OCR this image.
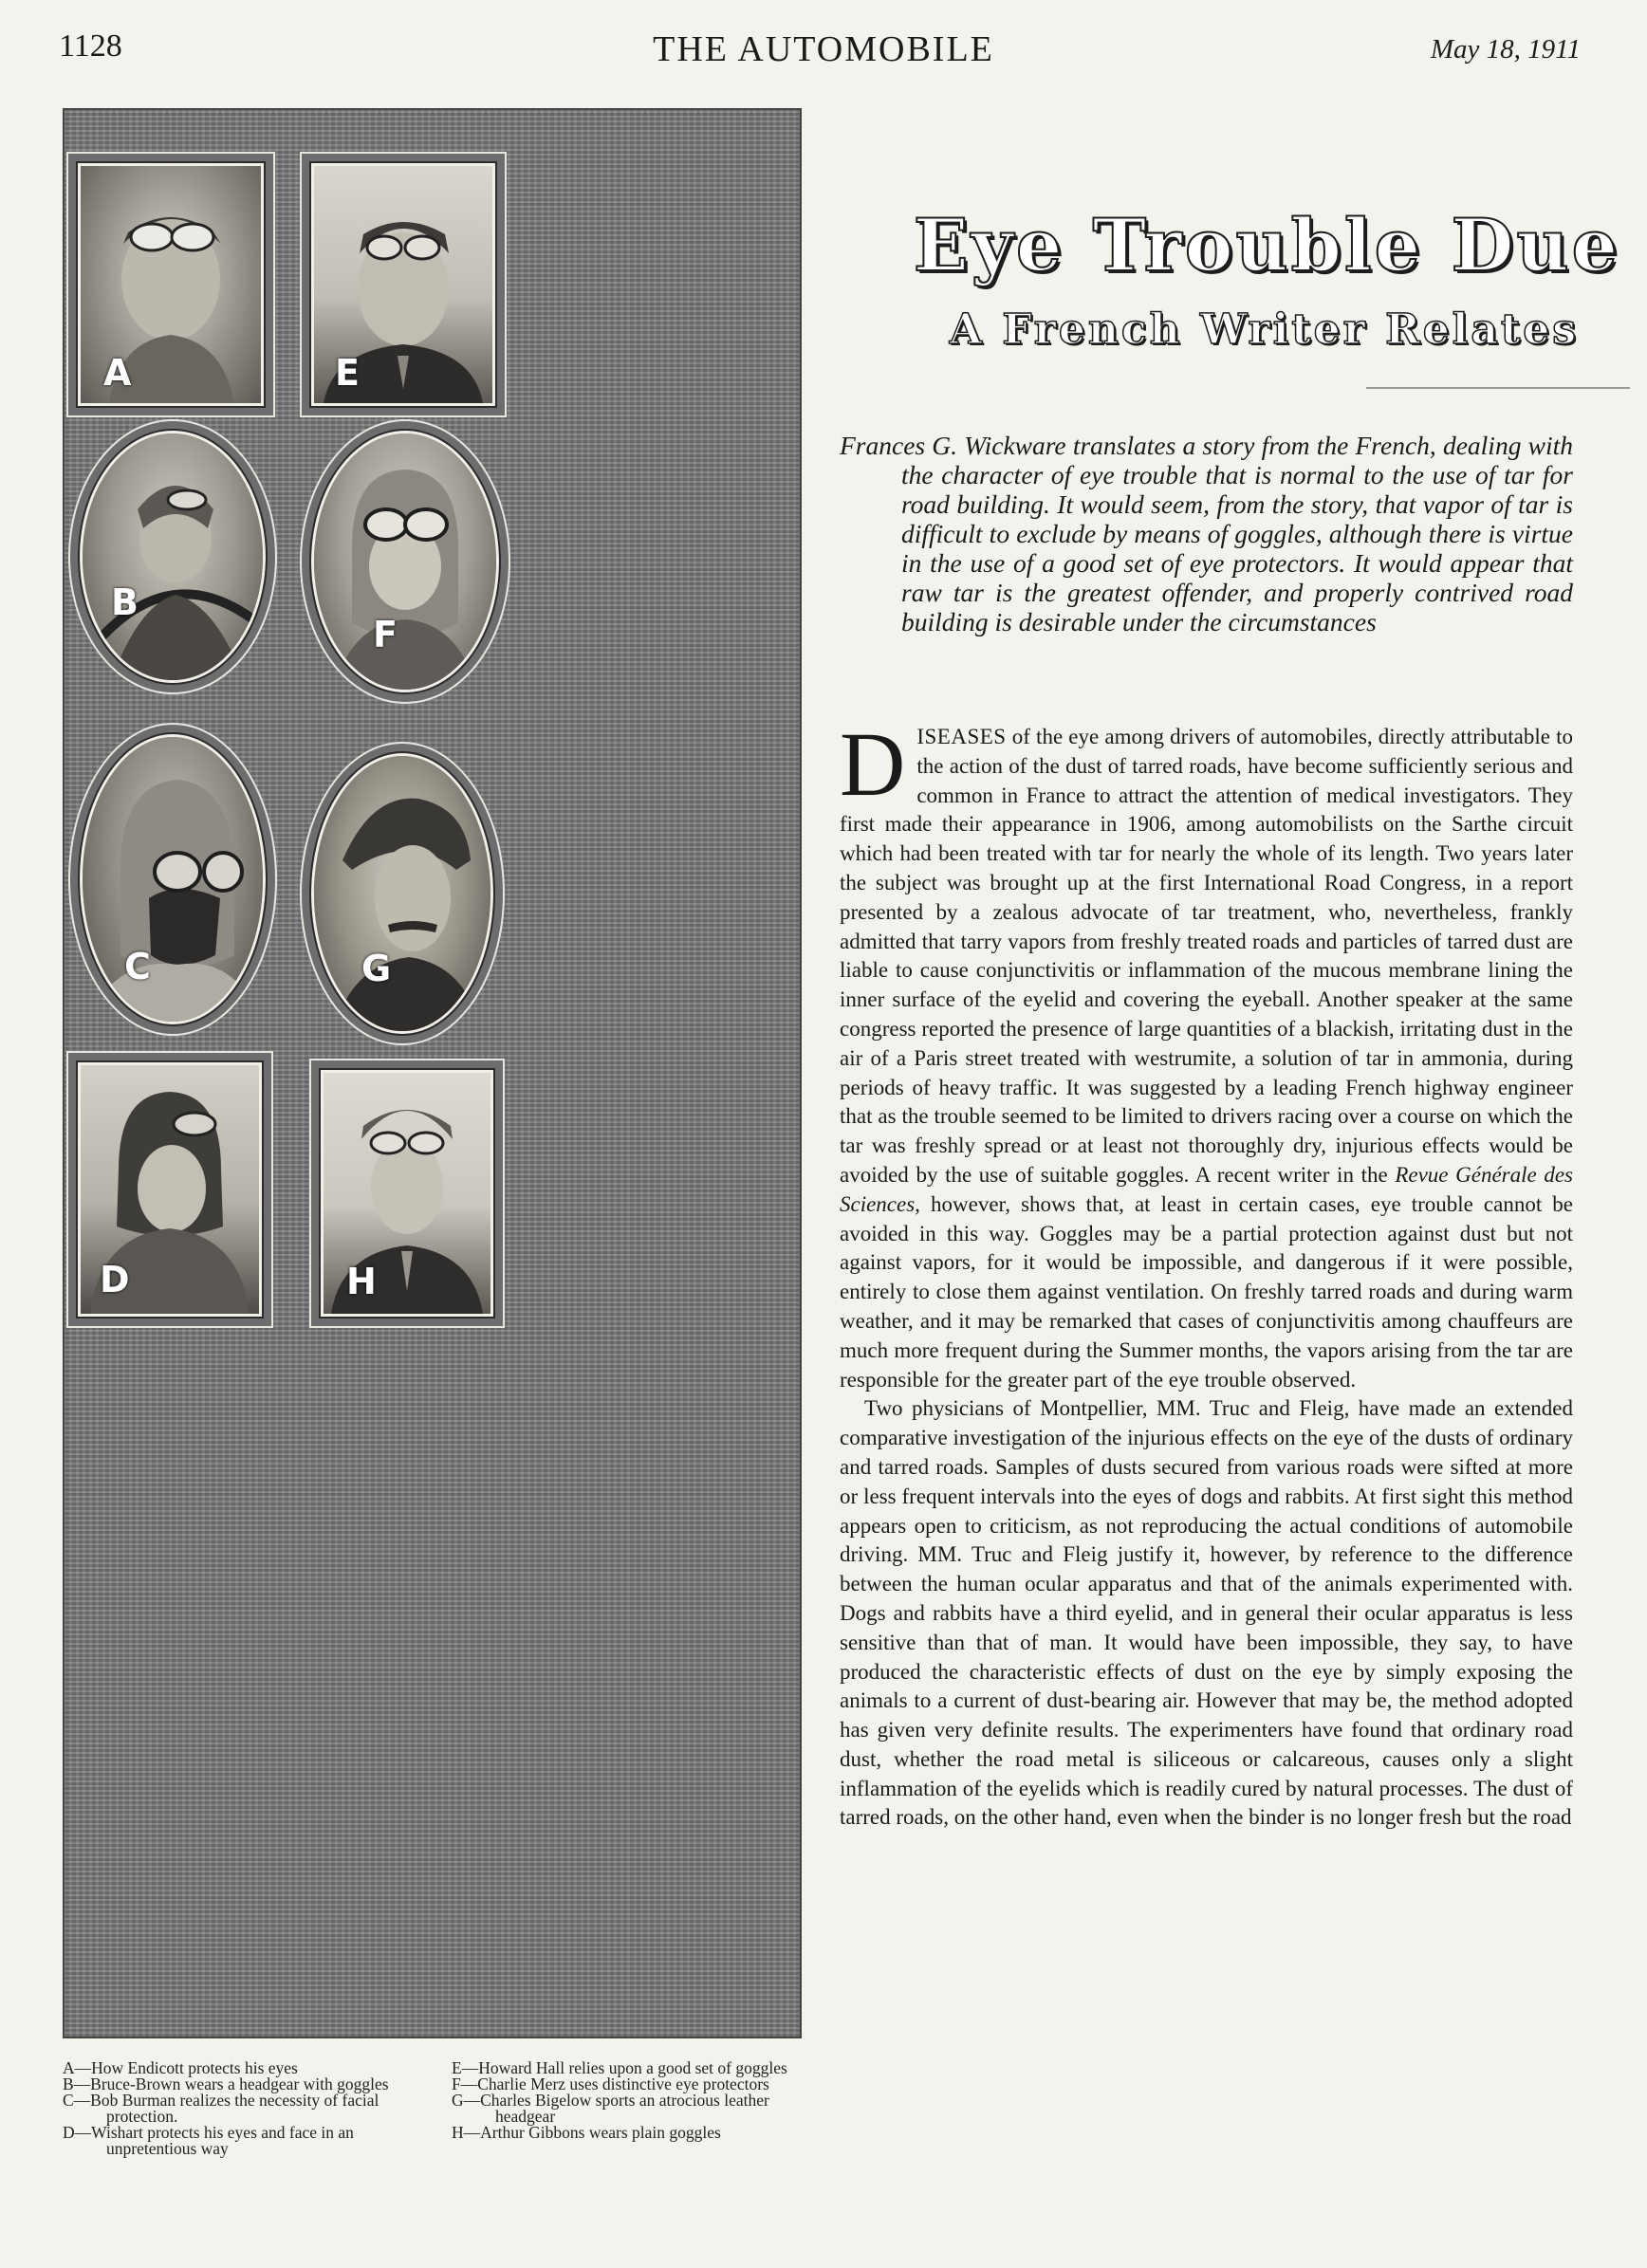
1128	THE AUTOMOBILE	May 18, 1911
A	E
B
F
C	G
D	H

A—How Endicott protects his eyes

B—Bruce-Brown wears a headgear with goggles

C—Bob Burman realizes the necessity of facial protection.

D—Wishart protects his eyes and face in an unpretentious way

E—Howard Hall relies upon a good set of goggles

F—Charlie Merz uses distinctive eye protectors

G—Charles Bigelow sports an atrocious leather headgear

H—Arthur Gibbons wears plain goggles

Eye Trouble Due
A French Writer Relates

Frances G. Wickware translates a story from the French, dealing with the character of eye trouble that is normal to the use of tar for road building. It would seem, from the story, that vapor of tar is difficult to exclude by means of goggles, although there is virtue in the use of a good set of eye protectors. It would appear that raw tar is the greatest offender, and properly contrived road building is desirable under the circumstances

DISEASES of the eye among drivers of automobiles, directly attributable to the action of the dust of tarred roads, have become sufficiently serious and common in France to attract the attention of medical investigators. They first made their appearance in 1906, among automobilists on the Sarthe circuit which had been treated with tar for nearly the whole of its length. Two years later the subject was brought up at the first International Road Congress, in a report presented by a zealous advocate of tar treatment, who, nevertheless, frankly admitted that tarry vapors from freshly treated roads and particles of tarred dust are liable to cause conjunctivitis or inflammation of the mucous membrane lining the inner surface of the eyelid and covering the eyeball. Another speaker at the same congress reported the presence of large quantities of a blackish, irritating dust in the air of a Paris street treated with westrumite, a solution of tar in ammonia, during periods of heavy traffic. It was suggested by a leading French highway engineer that as the trouble seemed to be limited to drivers racing over a course on which the tar was freshly spread or at least not thoroughly dry, injurious effects would be avoided by the use of suitable goggles. A recent writer in the Revue Générale des Sciences, however, shows that, at least in certain cases, eye trouble cannot be avoided in this way. Goggles may be a partial protection against dust but not against vapors, for it would be impossible, and dangerous if it were possible, entirely to close them against ventilation. On freshly tarred roads and during warm weather, and it may be remarked that cases of conjunctivitis among chauffeurs are much more frequent during the Summer months, the vapors arising from the tar are responsible for the greater part of the eye trouble observed.

Two physicians of Montpellier, MM. Truc and Fleig, have made an extended comparative investigation of the injurious effects on the eye of the dusts of ordinary and tarred roads. Samples of dusts secured from various roads were sifted at more or less frequent intervals into the eyes of dogs and rabbits. At first sight this method appears open to criticism, as not reproducing the actual conditions of automobile driving. MM. Truc and Fleig justify it, however, by reference to the difference between the human ocular apparatus and that of the animals experimented with. Dogs and rabbits have a third eyelid, and in general their ocular apparatus is less sensitive than that of man. It would have been impossible, they say, to have produced the characteristic effects of dust on the eye by simply exposing the animals to a current of dust-bearing air. However that may be, the method adopted has given very definite results. The experimenters have found that ordinary road dust, whether the road metal is siliceous or calcareous, causes only a slight inflammation of the eyelids which is readily cured by natural processes. The dust of tarred roads, on the other hand, even when the binder is no longer fresh but the road
